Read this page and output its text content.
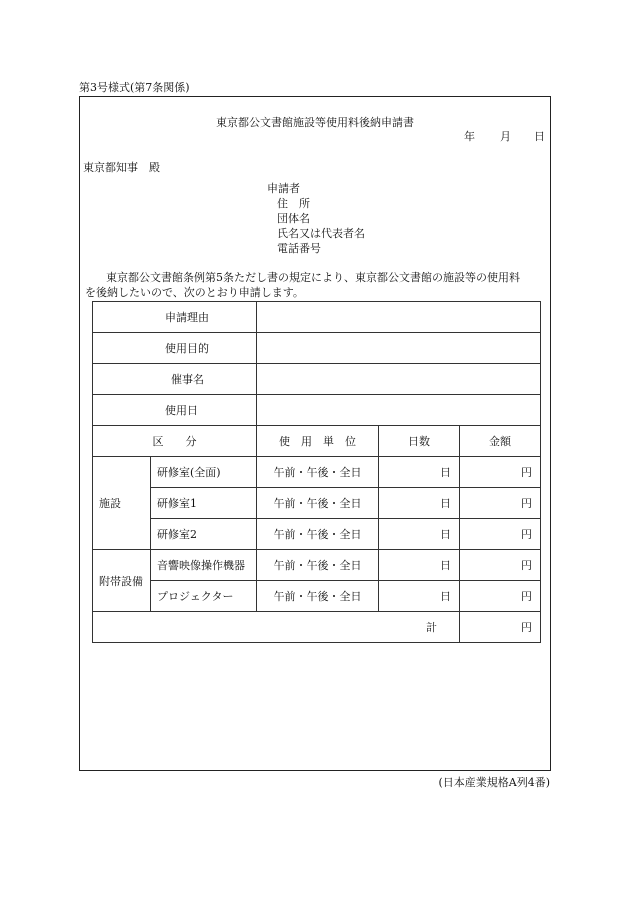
第3号様式(第7条関係)
東京都公文書館施設等使用料後納申請書
年 月 日
東京都知事　殿
申請者
住　所
団体名
氏名又は代表者名
電話番号
東京都公文書館条例第5条ただし書の規定により、東京都公文書館の施設等の使用料
を後納したいので、次のとおり申請します。
申請理由				
使用目的				
催事名				
使用日				
区　　分		使　用　単　位	日数	金額
施設	研修室(全面)	午前・午後・全日	日	円
	研修室1	午前・午後・全日	日	円
	研修室2	午前・午後・全日	日	円
附帯設備	音響映像操作機器	午前・午後・全日	日	円
	プロジェクター	午前・午後・全日	日	円
計				円
(日本産業規格A列4番)
